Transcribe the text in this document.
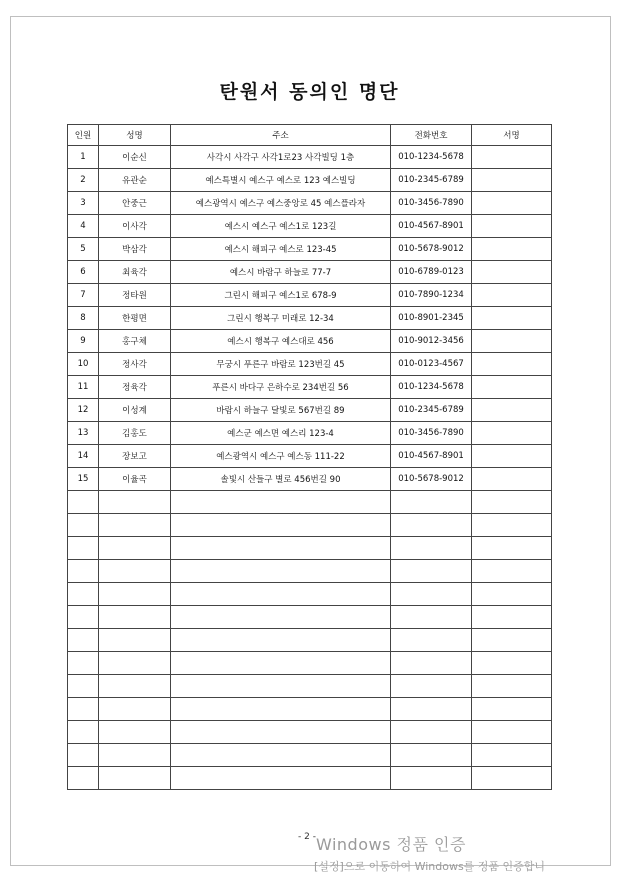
탄원서 동의인 명단
인원	성명	주소	전화번호	서명
1	이순신	사각시 사각구 사각1로23 사각빌딩 1층	010-1234-5678	
2	유관순	예스특별시 예스구 예스로 123 예스빌딩	010-2345-6789	
3	안중근	예스광역시 예스구 예스중앙로 45 예스플라자	010-3456-7890	
4	이사각	예스시 예스구 예스1로 123길	010-4567-8901	
5	박삼각	예스시 해피구 예스로 123-45	010-5678-9012	
6	최육각	예스시 바람구 하늘로 77-7	010-6789-0123	
7	정타원	그린시 해피구 예스1로 678-9	010-7890-1234	
8	한평면	그린시 행복구 미래로 12-34	010-8901-2345	
9	홍구체	예스시 행복구 예스대로 456	010-9012-3456	
10	정사각	무궁시 푸른구 바람로 123번길 45	010-0123-4567	
11	정육각	푸른시 바다구 은하수로 234번길 56	010-1234-5678	
12	이성계	바람시 하늘구 달빛로 567번길 89	010-2345-6789	
13	김홍도	예스군 예스면 예스리 123-4	010-3456-7890	
14	장보고	예스광역시 예스구 예스동 111-22	010-4567-8901	
15	이율곡	솔빛시 산들구 별로 456번길 90	010-5678-9012	

- 2 - Windows 정품 인증
[설정]으로 이동하여 Windows를 정품 인증합니
